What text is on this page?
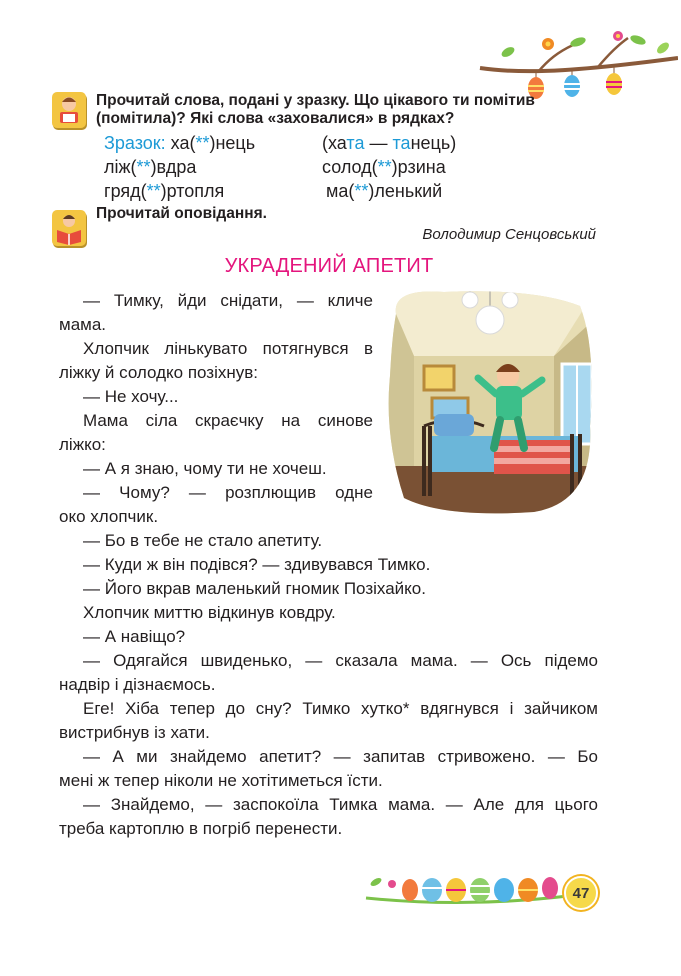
Прочитай слова, подані у зразку. Що цікавого ти помітив (помітила)? Які слова «заховалися» в рядках?
Зразок: ха(**)нець	(хата — танець)
ліж(**)вдра	солод(**)рзина
гряд(**)ртопля	ма(**)ленький
Прочитай оповідання.
Володимир Сенцовський
УКРАДЕНИЙ АПЕТИТ

— Тимку, йди снідати, — кличе

мама.

Хлопчик лінькувато потягнувся в

ліжку й солодко позіхнув:

— Не хочу...

Мама сіла скраєчку на синове

ліжко:

— А я знаю, чому ти не хочеш.

— Чому? — розплющив одне

око хлопчик.

— Бо в тебе не стало апетиту.

— Куди ж він подівся? — здивувався Тимко.

— Його вкрав маленький гномик Позіхайко.

Хлопчик миттю відкинув ковдру.

— А навіщо?

— Одягайся швиденько, — сказала мама. — Ось підемо

надвір і дізнаємось.

Еге! Хіба тепер до сну? Тимко хутко* вдягнувся і зайчиком

вистрибнув із хати.

— А ми знайдемо апетит? — запитав стривожено. — Бо

мені ж тепер ніколи не хотітиметься їсти.

— Знайдемо, — заспокоїла Тимка мама. — Але для цього

треба картоплю в погріб перенести.

47
